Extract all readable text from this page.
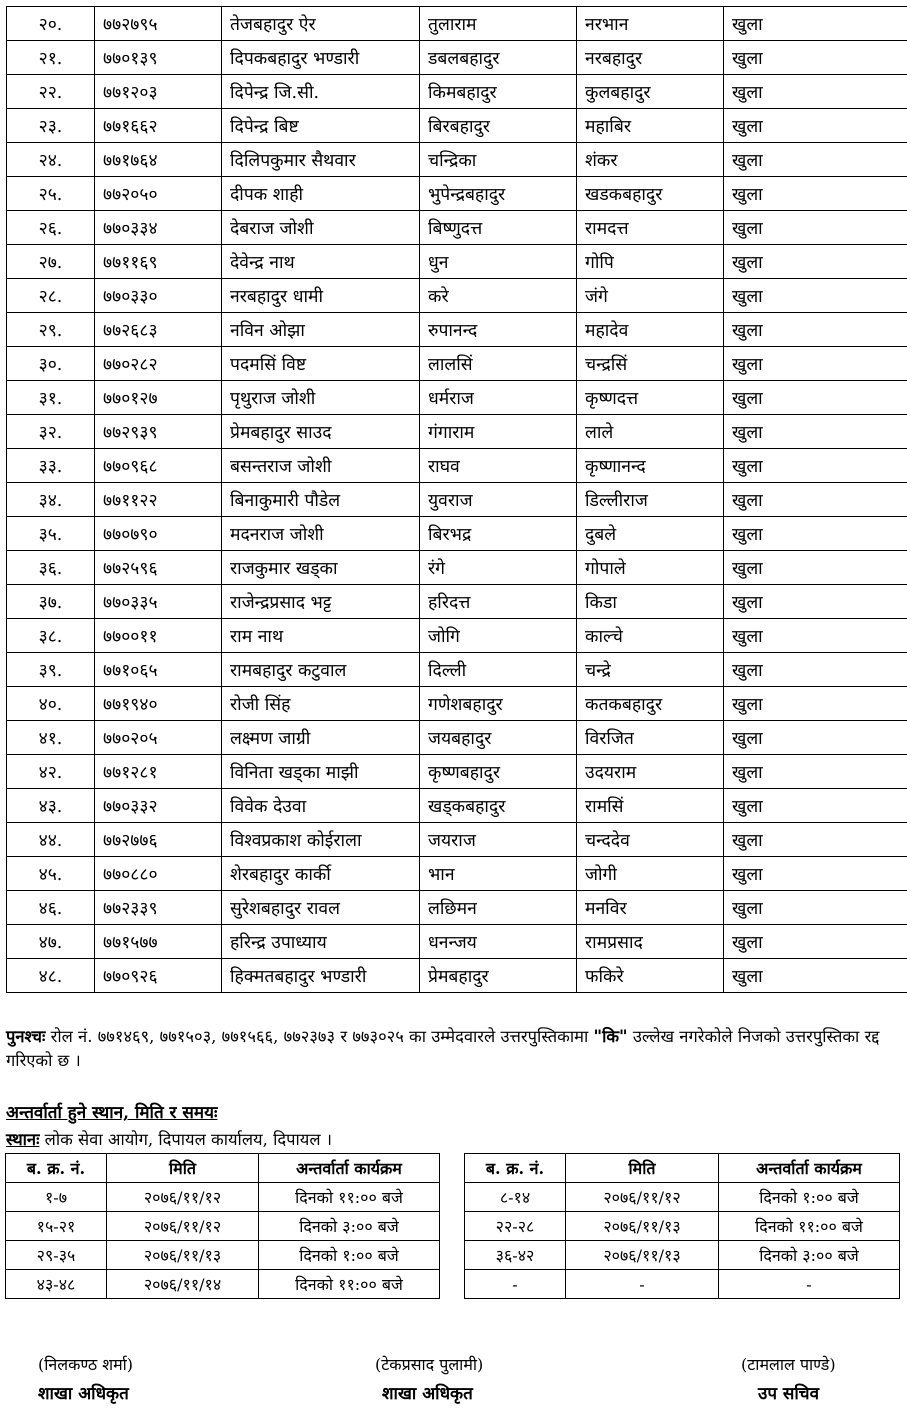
२०.	७७२७९५	तेजबहादुर ऐर	तुलाराम	नरभान	खुला
२१.	७७०१३९	दिपकबहादुर भण्डारी	डबलबहादुर	नरबहादुर	खुला
२२.	७७१२०३	दिपेन्द्र जि.सी.	किमबहादुर	कुलबहादुर	खुला
२३.	७७१६६२	दिपेन्द्र बिष्ट	बिरबहादुर	महाबिर	खुला
२४.	७७१७६४	दिलिपकुमार सैथवार	चन्द्रिका	शंकर	खुला
२५.	७७२०५०	दीपक शाही	भुपेन्द्रबहादुर	खडकबहादुर	खुला
२६.	७७०३३४	देबराज जोशी	बिष्णुदत्त	रामदत्त	खुला
२७.	७७११६९	देवेन्द्र नाथ	धुन	गोपि	खुला
२८.	७७०३३०	नरबहादुर धामी	करे	जंगे	खुला
२९.	७७२६८३	नविन ओझा	रुपानन्द	महादेव	खुला
३०.	७७०२८२	पदमसिं विष्ट	लालसिं	चन्द्रसिं	खुला
३१.	७७०१२७	पृथुराज जोशी	धर्मराज	कृष्णदत्त	खुला
३२.	७७२९३९	प्रेमबहादुर साउद	गंगाराम	लाले	खुला
३३.	७७०९६८	बसन्तराज जोशी	राघव	कृष्णानन्द	खुला
३४.	७७११२२	बिनाकुमारी पौडेल	युवराज	डिल्लीराज	खुला
३५.	७७०७९०	मदनराज जोशी	बिरभद्र	दुबले	खुला
३६.	७७२५९६	राजकुमार खड्का	रंगे	गोपाले	खुला
३७.	७७०३३५	राजेन्द्रप्रसाद भट्ट	हरिदत्त	किडा	खुला
३८.	७७००११	राम नाथ	जोगि	काल्चे	खुला
३९.	७७१०६५	रामबहादुर कटुवाल	दिल्ली	चन्द्रे	खुला
४०.	७७१९४०	रोजी सिंह	गणेशबहादुर	कतकबहादुर	खुला
४१.	७७०२०५	लक्ष्मण जाग्री	जयबहादुर	विरजित	खुला
४२.	७७१२८१	विनिता खड्का माझी	कृष्णबहादुर	उदयराम	खुला
४३.	७७०३३२	विवेक देउवा	खड्कबहादुर	रामसिं	खुला
४४.	७७२७७६	विश्वप्रकाश कोईराला	जयराज	चन्ददेव	खुला
४५.	७७०८८०	शेरबहादुर कार्की	भान	जोगी	खुला
४६.	७७२३३९	सुरेशबहादुर रावल	लछिमन	मनविर	खुला
४७.	७७१५७७	हरिन्द्र उपाध्याय	धनन्जय	रामप्रसाद	खुला
४८.	७७०९२६	हिक्मतबहादुर भण्डारी	प्रेमबहादुर	फकिरे	खुला
पुनश्चः रोल नं. ७७१४६९, ७७१५०३, ७७१५६६, ७७२३७३ र ७७३०२५ का उम्मेदवारले उत्तरपुस्तिकामा "कि" उल्लेख नगरेकोले निजको उत्तरपुस्तिका रद्द गरिएको छ ।
अन्तर्वार्ता हुने स्थान, मिति र समयः
स्थानः लोक सेवा आयोग, दिपायल कार्यालय, दिपायल ।
ब. क्र. नं.	मिति	अन्तर्वार्ता कार्यक्रम
१-७	२०७६/११/१२	दिनको ११:०० बजे
१५-२१	२०७६/११/१२	दिनको ३:०० बजे
२९-३५	२०७६/११/१३	दिनको १:०० बजे
४३-४८	२०७६/११/१४	दिनको ११:०० बजे
ब. क्र. नं.	मिति	अन्तर्वार्ता कार्यक्रम
८-१४	२०७६/११/१२	दिनको १:०० बजे
२२-२८	२०७६/११/१३	दिनको ११:०० बजे
३६-४२	२०७६/११/१३	दिनको ३:०० बजे
-	-	-
(निलकण्ठ शर्मा)
शाखा अधिकृत
(टेकप्रसाद पुलामी)
शाखा अधिकृत
(टामलाल पाण्डे)
उप सचिव
